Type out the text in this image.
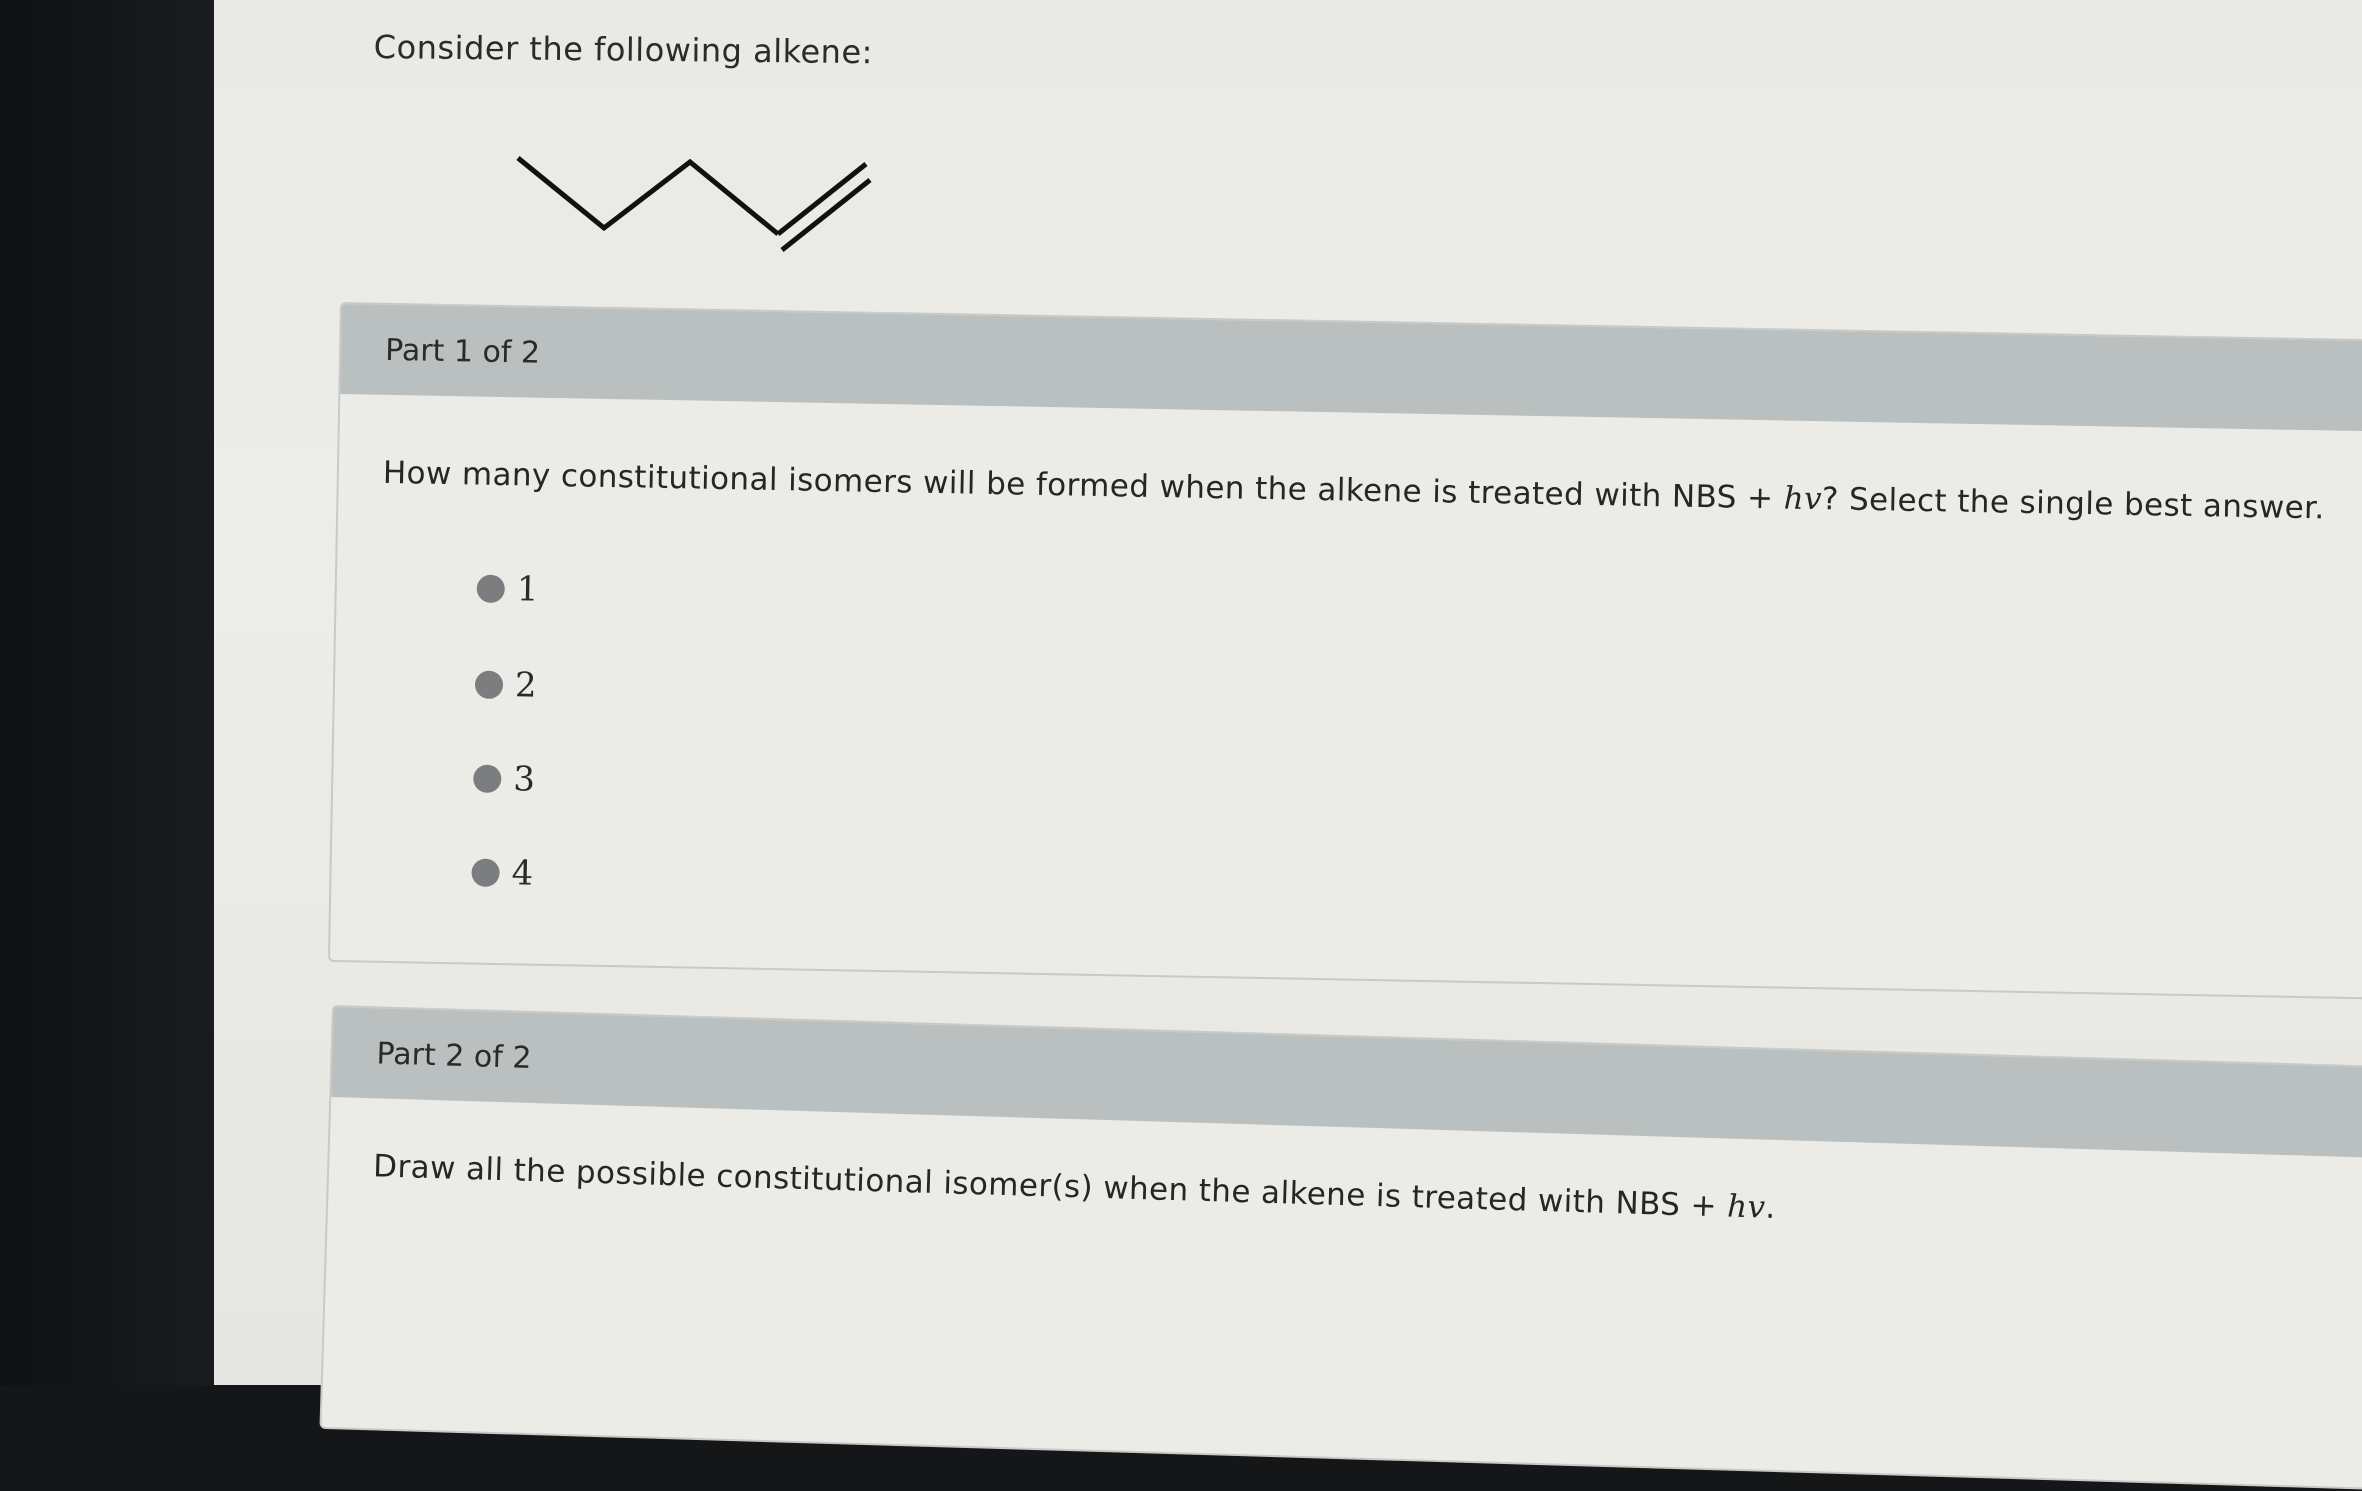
Consider the following alkene:
Part 1 of 2
How many constitutional isomers will be formed when the alkene is treated with NBS + hv? Select the single best answer.
1
2
3
4
Part 2 of 2
Draw all the possible constitutional isomer(s) when the alkene is treated with NBS + hv.
